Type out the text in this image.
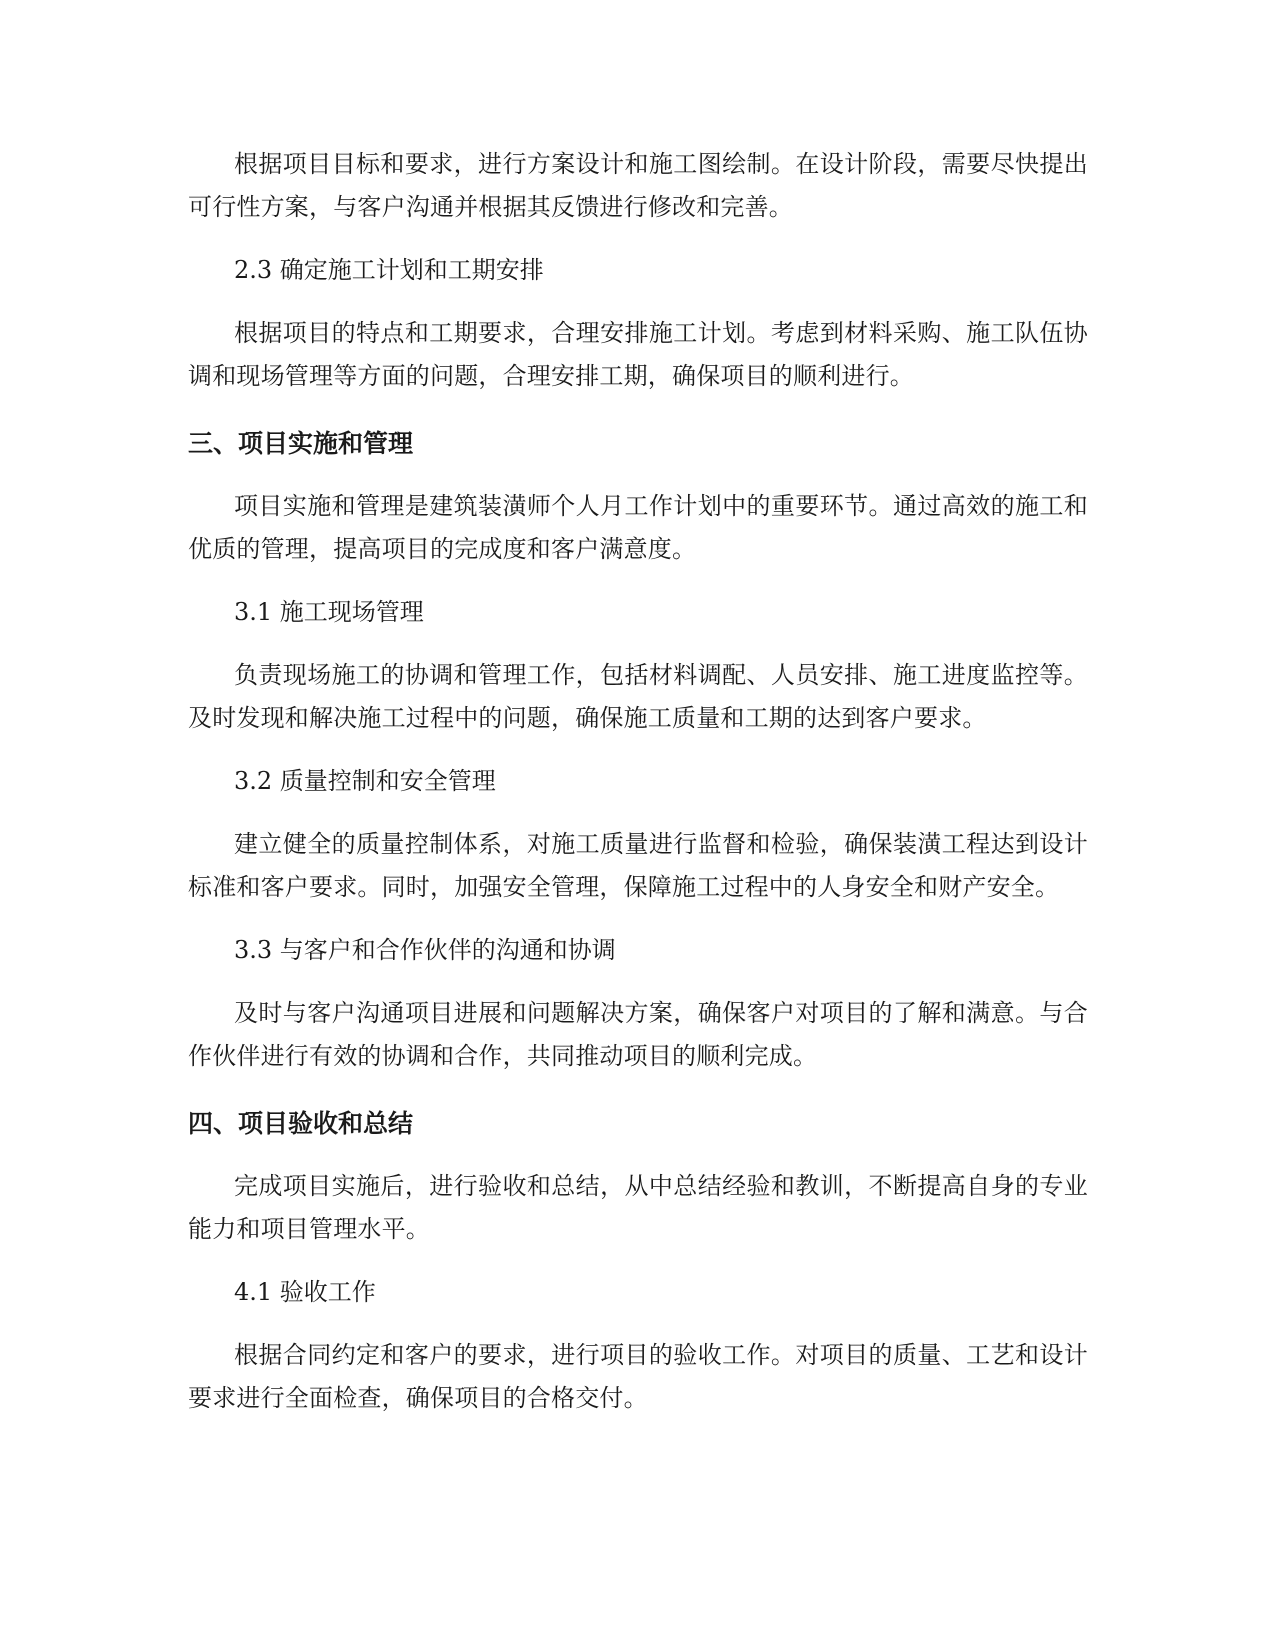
根据项目目标和要求，进行方案设计和施工图绘制。在设计阶段，需要尽快提出可行性方案，与客户沟通并根据其反馈进行修改和完善。

2.3 确定施工计划和工期安排

根据项目的特点和工期要求，合理安排施工计划。考虑到材料采购、施工队伍协调和现场管理等方面的问题，合理安排工期，确保项目的顺利进行。

三、项目实施和管理

项目实施和管理是建筑装潢师个人月工作计划中的重要环节。通过高效的施工和优质的管理，提高项目的完成度和客户满意度。

3.1 施工现场管理

负责现场施工的协调和管理工作，包括材料调配、人员安排、施工进度监控等。及时发现和解决施工过程中的问题，确保施工质量和工期的达到客户要求。

3.2 质量控制和安全管理

建立健全的质量控制体系，对施工质量进行监督和检验，确保装潢工程达到设计标准和客户要求。同时，加强安全管理，保障施工过程中的人身安全和财产安全。

3.3 与客户和合作伙伴的沟通和协调

及时与客户沟通项目进展和问题解决方案，确保客户对项目的了解和满意。与合作伙伴进行有效的协调和合作，共同推动项目的顺利完成。

四、项目验收和总结

完成项目实施后，进行验收和总结，从中总结经验和教训，不断提高自身的专业能力和项目管理水平。

4.1 验收工作

根据合同约定和客户的要求，进行项目的验收工作。对项目的质量、工艺和设计要求进行全面检查，确保项目的合格交付。
